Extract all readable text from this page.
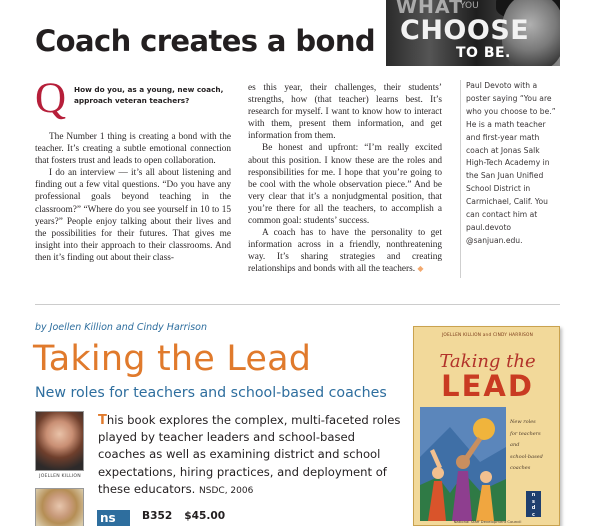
Coach creates a bond
WHAT
YOU
CHOOSE
TO BE.
Q How do you, as a young, new coach, approach veteran teachers?

The Number 1 thing is creating a bond with the teacher. It’s creating a subtle emotional connection that fosters trust and leads to open collaboration.

I do an interview — it’s all about listening and finding out a few vital questions. “Do you have any professional goals beyond teaching in the classroom?” “Where do you see yourself in 10 to 15 years?” People enjoy talking about their lives and the possibilities for their futures. That gives me insight into their approach to their classrooms. And then it’s finding out about their class-

es this year, their challenges, their students’ strengths, how (that teacher) learns best. It’s research for myself. I want to know how to interact with them, present them information, and get information from them.

Be honest and upfront: “I’m really excited about this position. I know these are the roles and responsibilities for me. I hope that you’re going to be cool with the whole observation piece.” And be very clear that it’s a nonjudgmental position, that you’re there for all the teachers, to accomplish a common goal: students’ success.

A coach has to have the personality to get information across in a friendly, nonthreatening way. It’s sharing strategies and creating relationships and bonds with all the teachers. ◆

Paul Devoto with a poster saying “You are who you choose to be.” He is a math teacher and first-year math coach at Jonas Salk High-Tech Academy in the San Juan Unified School District in Carmichael, Calif. You can contact him at paul.devoto @sanjuan.edu.
by Joellen Killion and Cindy Harrison
Taking the Lead
New roles for teachers and school-based coaches
JOELLEN KILLION
This book explores the complex, multi-faceted roles played by teacher leaders and school-based coaches as well as examining district and school expectations, hiring practices, and deployment of these educators. NSDC, 2006
ns	B352 $45.00
JOELLEN KILLION and CINDY HARRISON
Taking the
LEAD
New roles
for teachers
and
school-based
coaches
n
s
d
c
National Staff Development Council
